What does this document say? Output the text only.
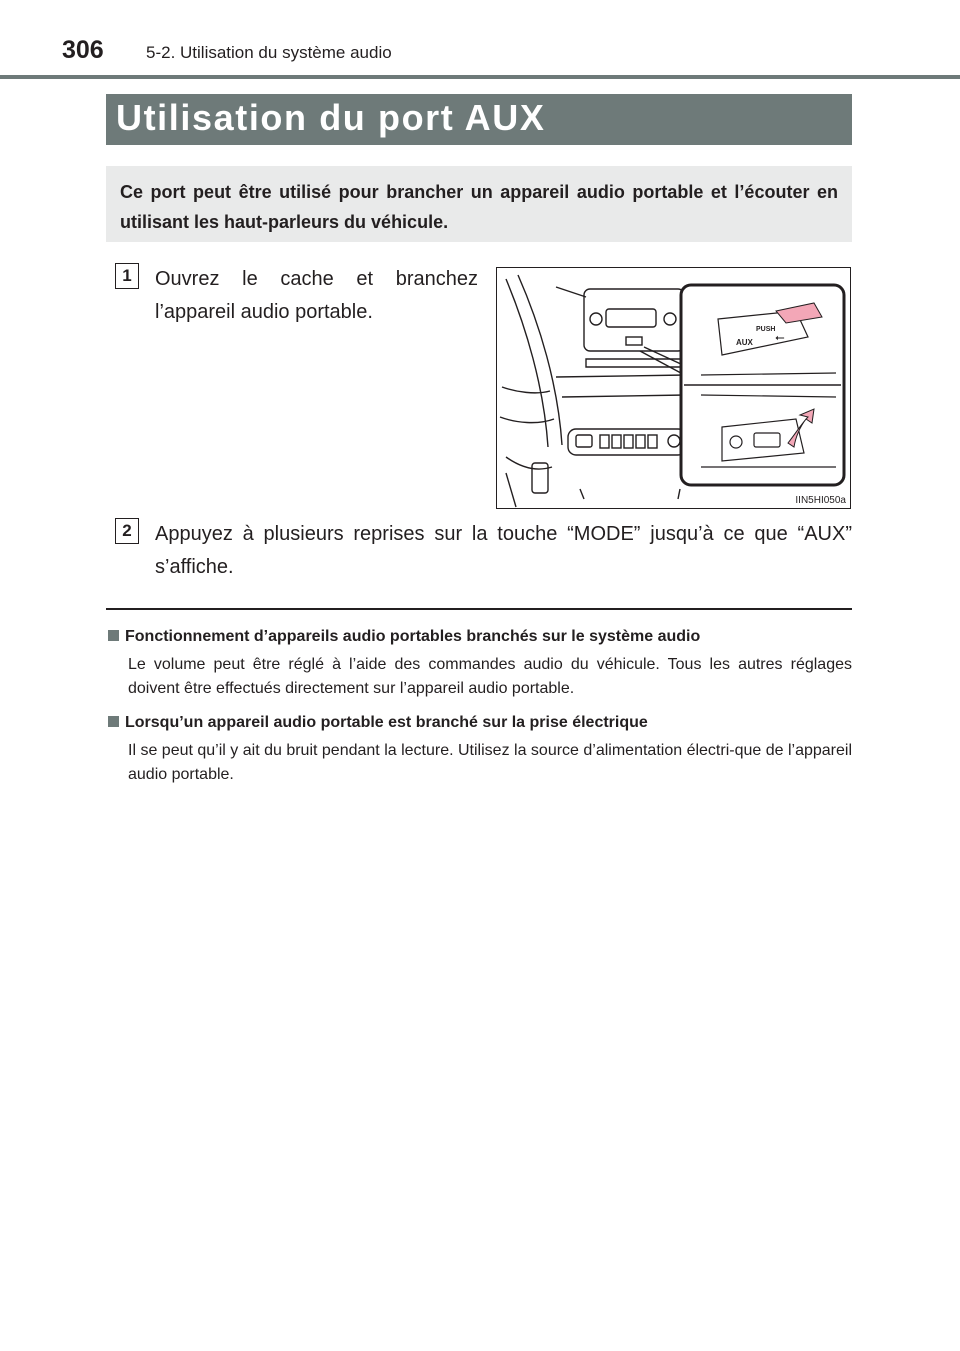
306 5-2. Utilisation du système audio
Utilisation du port AUX

Ce port peut être utilisé pour brancher un appareil audio portable et l’écouter en utilisant les haut-parleurs du véhicule.

1	Ouvrez le cache et branchez l’appareil audio portable.
PUSH
AUX ⭠
IIN5HI050a
2	Appuyez à plusieurs reprises sur la touche “MODE” jusqu’à ce que “AUX” s’affiche.
Fonctionnement d’appareils audio portables branchés sur le système audio
Le volume peut être réglé à l’aide des commandes audio du véhicule. Tous les autres réglages doivent être effectués directement sur l’appareil audio portable.
Lorsqu’un appareil audio portable est branché sur la prise électrique
Il se peut qu’il y ait du bruit pendant la lecture. Utilisez la source d’alimentation électri-que de l’appareil audio portable.
